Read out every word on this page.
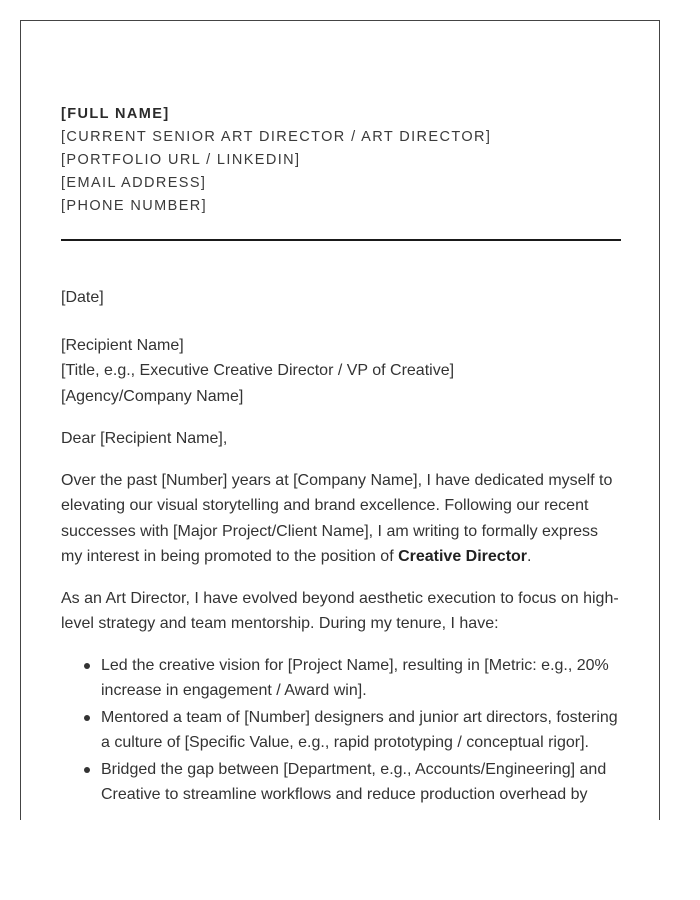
[FULL NAME]
[CURRENT SENIOR ART DIRECTOR / ART DIRECTOR]
[PORTFOLIO URL / LINKEDIN]
[EMAIL ADDRESS]
[PHONE NUMBER]
[Date]
[Recipient Name]
[Title, e.g., Executive Creative Director / VP of Creative]
[Agency/Company Name]
Dear [Recipient Name],
Over the past [Number] years at [Company Name], I have dedicated myself to elevating our visual storytelling and brand excellence. Following our recent successes with [Major Project/Client Name], I am writing to formally express my interest in being promoted to the position of Creative Director.
As an Art Director, I have evolved beyond aesthetic execution to focus on high-level strategy and team mentorship. During my tenure, I have:
Led the creative vision for [Project Name], resulting in [Metric: e.g., 20% increase in engagement / Award win].
Mentored a team of [Number] designers and junior art directors, fostering a culture of [Specific Value, e.g., rapid prototyping / conceptual rigor].
Bridged the gap between [Department, e.g., Accounts/Engineering] and Creative to streamline workflows and reduce production overhead by
